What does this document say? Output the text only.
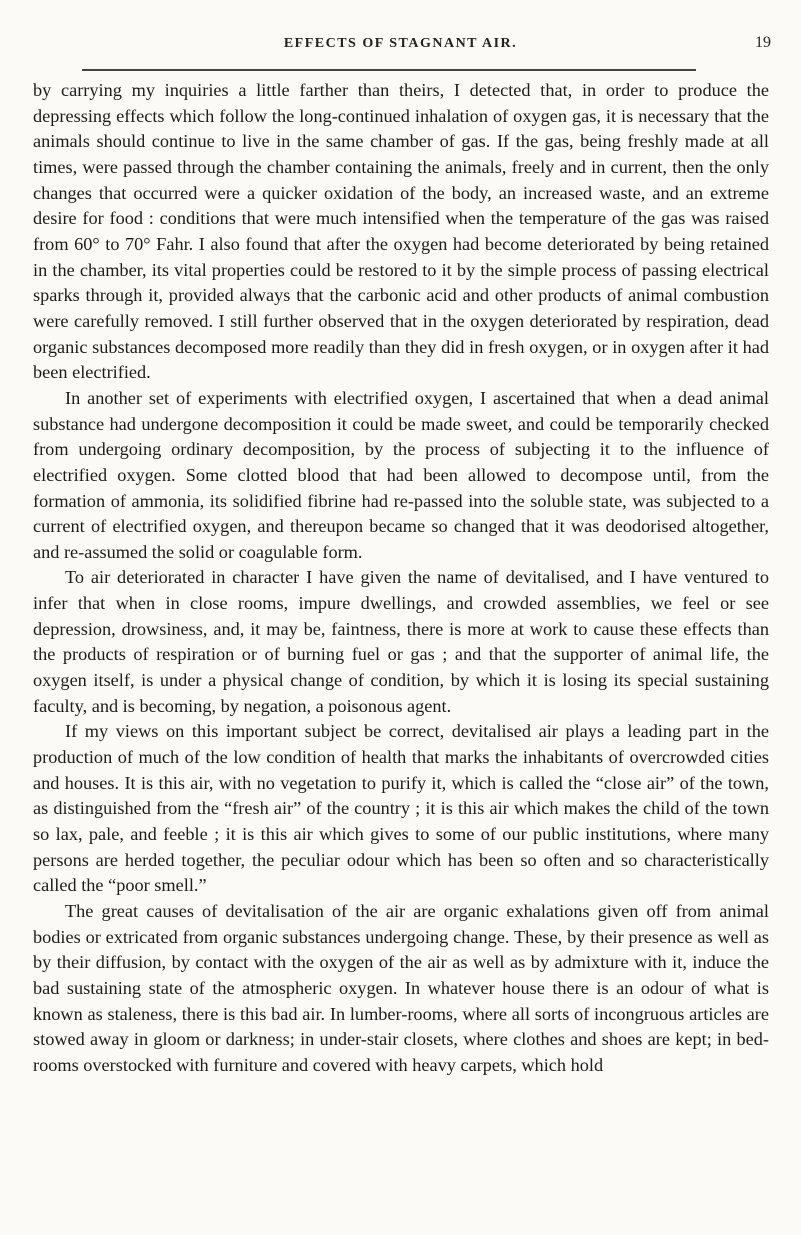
EFFECTS OF STAGNANT AIR.	19

by carrying my inquiries a little farther than theirs, I detected that, in order to produce the depressing effects which follow the long-continued inhalation of oxygen gas, it is necessary that the animals should continue to live in the same chamber of gas. If the gas, being freshly made at all times, were passed through the chamber containing the animals, freely and in current, then the only changes that occurred were a quicker oxidation of the body, an increased waste, and an extreme desire for food : conditions that were much intensified when the temperature of the gas was raised from 60° to 70° Fahr. I also found that after the oxygen had become deteriorated by being retained in the chamber, its vital properties could be restored to it by the simple process of passing electrical sparks through it, provided always that the carbonic acid and other products of animal combustion were carefully removed. I still further observed that in the oxygen deteriorated by respiration, dead organic substances decomposed more readily than they did in fresh oxygen, or in oxygen after it had been electrified.

In another set of experiments with electrified oxygen, I ascertained that when a dead animal substance had undergone decomposition it could be made sweet, and could be temporarily checked from undergoing ordinary decomposition, by the process of subjecting it to the influence of electrified oxygen. Some clotted blood that had been allowed to decompose until, from the formation of ammonia, its solidified fibrine had re-passed into the soluble state, was subjected to a current of electrified oxygen, and thereupon became so changed that it was deodorised altogether, and re-assumed the solid or coagulable form.

To air deteriorated in character I have given the name of devitalised, and I have ventured to infer that when in close rooms, impure dwellings, and crowded assemblies, we feel or see depression, drowsiness, and, it may be, faintness, there is more at work to cause these effects than the products of respiration or of burning fuel or gas ; and that the supporter of animal life, the oxygen itself, is under a physical change of condition, by which it is losing its special sustaining faculty, and is becoming, by negation, a poisonous agent.

If my views on this important subject be correct, devitalised air plays a leading part in the production of much of the low condition of health that marks the inhabitants of overcrowded cities and houses. It is this air, with no vegetation to purify it, which is called the “close air” of the town, as distinguished from the “fresh air” of the country ; it is this air which makes the child of the town so lax, pale, and feeble ; it is this air which gives to some of our public institutions, where many persons are herded together, the peculiar odour which has been so often and so characteristically called the “poor smell.”

The great causes of devitalisation of the air are organic exhalations given off from animal bodies or extricated from organic substances undergoing change. These, by their presence as well as by their diffusion, by contact with the oxygen of the air as well as by admixture with it, induce the bad sustaining state of the atmospheric oxygen. In whatever house there is an odour of what is known as staleness, there is this bad air. In lumber-rooms, where all sorts of incongruous articles are stowed away in gloom or darkness; in under-stair closets, where clothes and shoes are kept; in bed-rooms overstocked with furniture and covered with heavy carpets, which hold
